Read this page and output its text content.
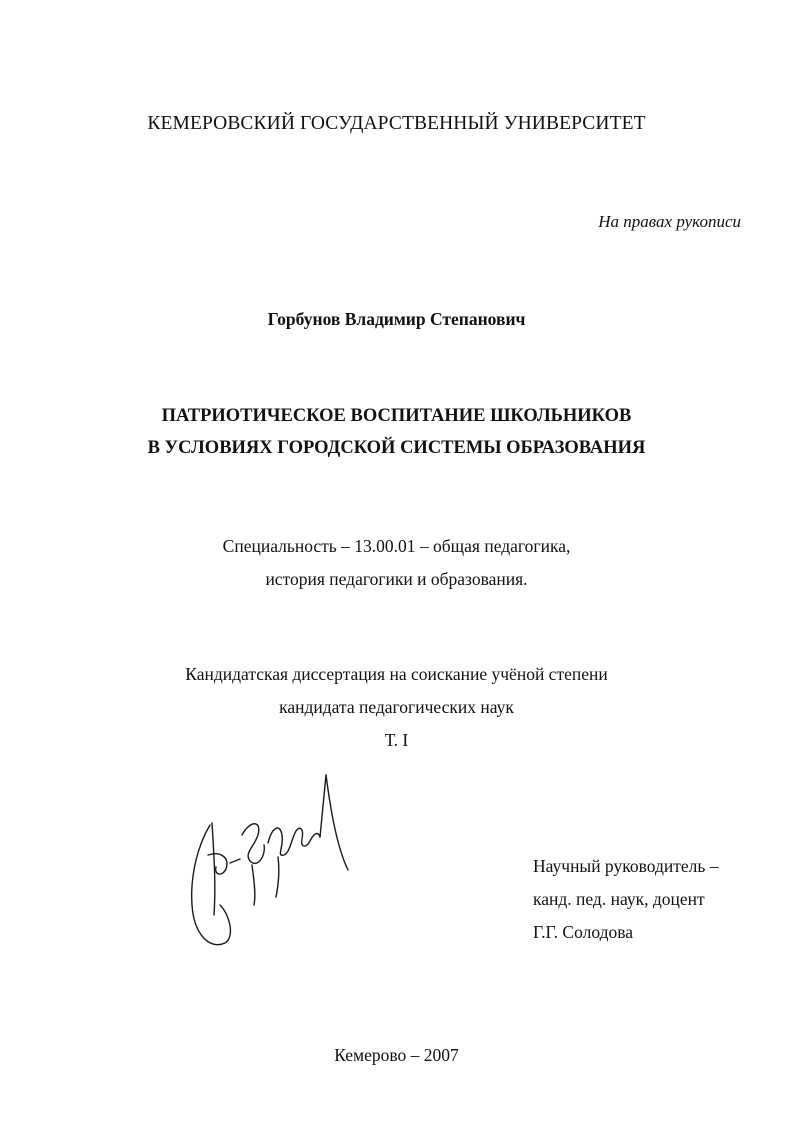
КЕМЕРОВСКИЙ ГОСУДАРСТВЕННЫЙ УНИВЕРСИТЕТ
На правах рукописи
Горбунов Владимир Степанович
ПАТРИОТИЧЕСКОЕ ВОСПИТАНИЕ ШКОЛЬНИКОВ
В УСЛОВИЯХ ГОРОДСКОЙ СИСТЕМЫ ОБРАЗОВАНИЯ
Специальность – 13.00.01 – общая педагогика,
история педагогики и образования.
Кандидатская диссертация на соискание учёной степени
кандидата педагогических наук
Т. I
Научный руководитель –
канд. пед. наук, доцент
Г.Г. Солодова
Кемерово – 2007
